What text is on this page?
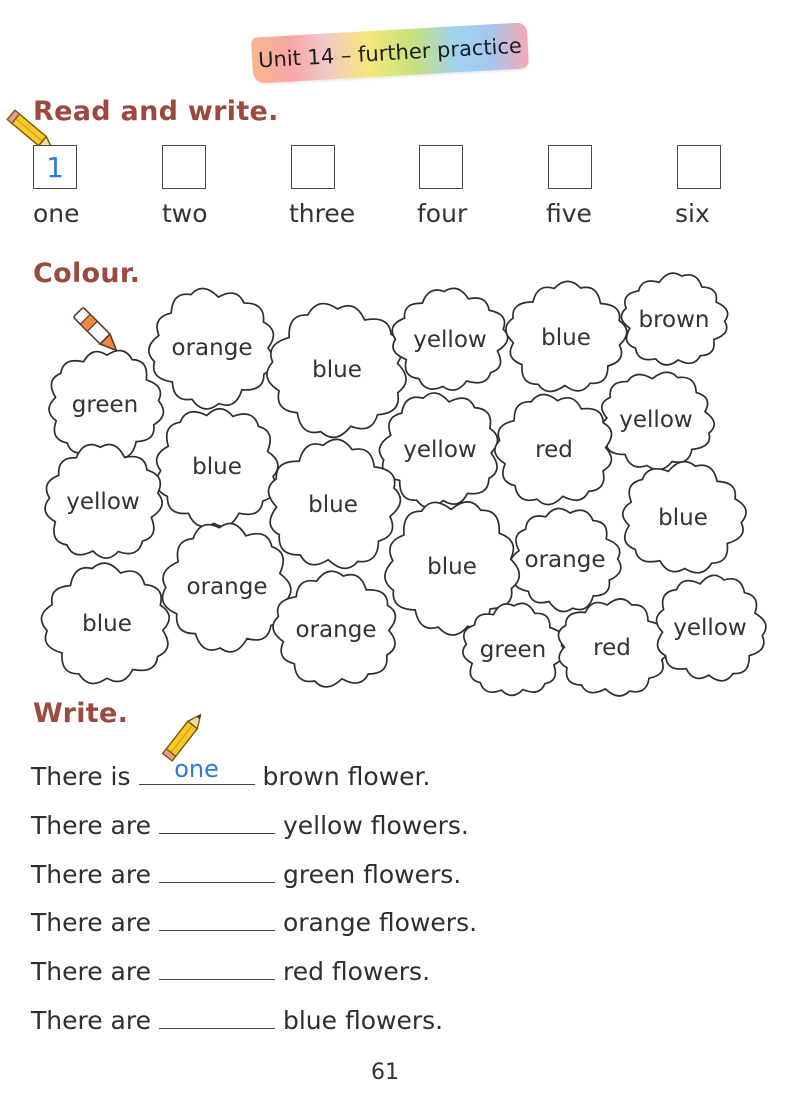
Unit 14 – further practice
Read and write.
1
one	two	three four	five	six
Colour.
orange
blue
yellow blue
brown
green
yellow
blue
yellow	red
yellow	blue	blue
orange
blue
orange
blue	orange
green red
yellow
Write.
There is	one	brown flower.
There are	yellow flowers.
There are	green flowers.
There are	orange flowers.
There are	red flowers.
There are	blue flowers.
61
